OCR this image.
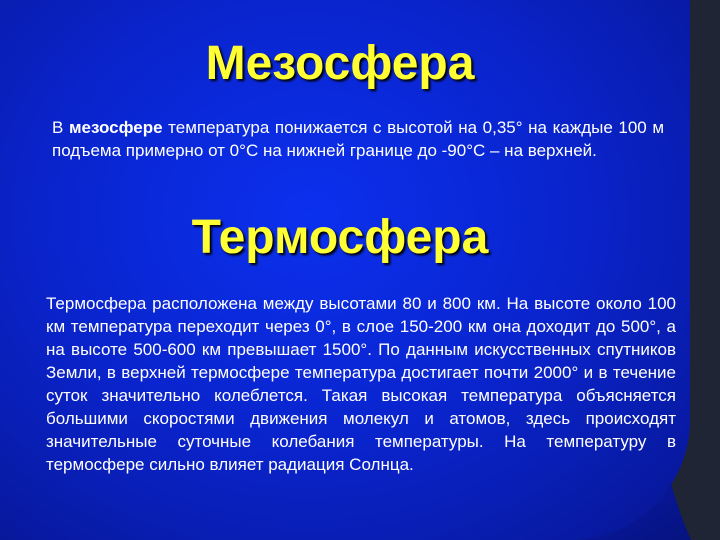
Мезосфера

В мезосфере температура понижается с высотой на 0,35° на каждые 100 м подъема примерно от 0°С на нижней границе до ‑90°С – на верхней.

Термосфера

Термосфера расположена между высотами 80 и 800 км. На высоте около 100 км температура переходит через 0°, в слое 150-200 км она доходит до 500°, а на высоте 500-600 км превышает 1500°. По данным искусственных спутников Земли, в верхней термосфере температура достигает почти 2000° и в течение суток значительно колеблется. Такая высокая температура объясняется большими скоростями движения молекул и атомов, здесь происходят значительные суточные колебания температуры. На температуру в термосфере сильно влияет радиация Солнца.
